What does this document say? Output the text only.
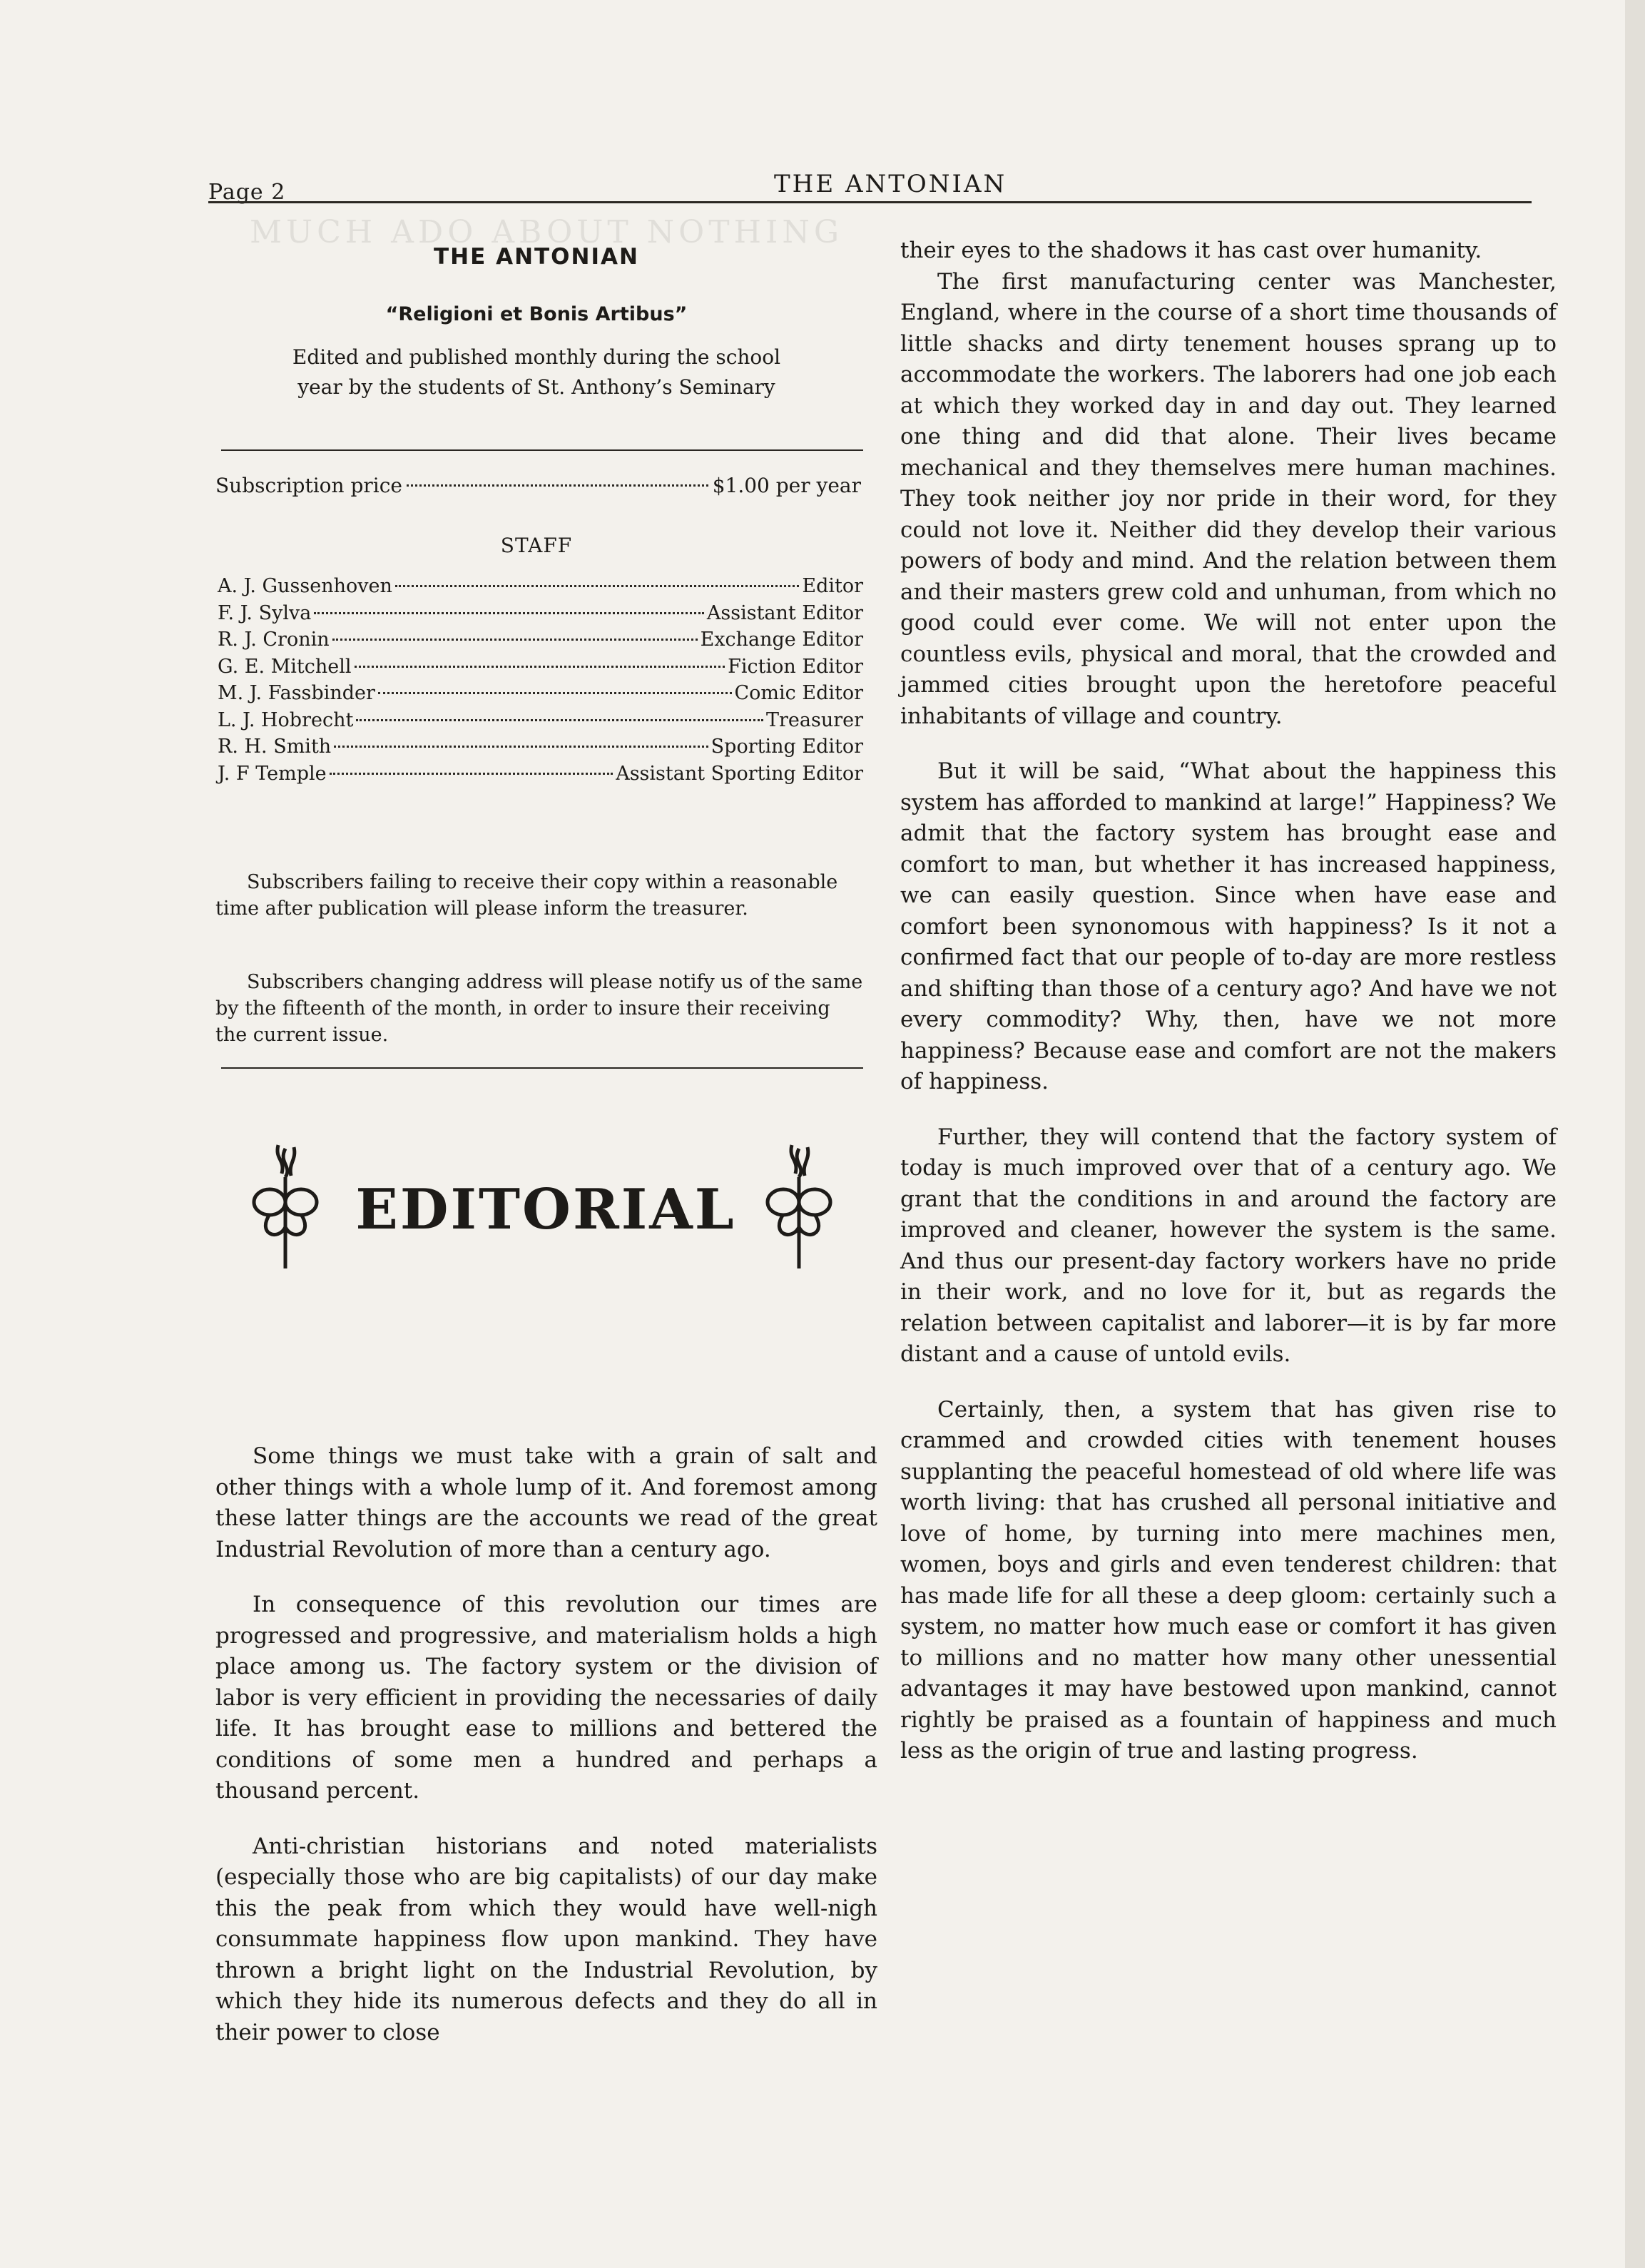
MUCH ADO ABOUT NOTHING
Page 2	THE ANTONIAN
THE ANTONIAN
“Religioni et Bonis Artibus”
Edited and published monthly during the school
year by the students of St. Anthony’s Seminary
Subscription price	$1.00 per year
STAFF
A. J. Gussenhoven	Editor
F. J. Sylva	Assistant Editor
R. J. Cronin	Exchange Editor
G. E. Mitchell	Fiction Editor
M. J. Fassbinder	Comic Editor
L. J. Hobrecht	Treasurer
R. H. Smith	Sporting Editor
J. F Temple	Assistant Sporting Editor
Subscribers failing to receive their copy within a reasonable time after publication will please inform the treasurer.
Subscribers changing address will please notify us of the same by the fifteenth of the month, in order to insure their receiving the current issue.
EDITORIAL

Some things we must take with a grain of salt and other things with a whole lump of it. And foremost among these latter things are the accounts we read of the great Industrial Revolution of more than a century ago.

In consequence of this revolution our times are progressed and progressive, and materialism holds a high place among us. The factory system or the division of labor is very efficient in providing the necessaries of daily life. It has brought ease to millions and bettered the conditions of some men a hundred and perhaps a thousand percent.

Anti-christian historians and noted materialists (especially those who are big capitalists) of our day make this the peak from which they would have well-nigh consummate happiness flow upon mankind. They have thrown a bright light on the Industrial Revolution, by which they hide its numerous defects and they do all in their power to close

their eyes to the shadows it has cast over humanity.

The first manufacturing center was Manchester, England, where in the course of a short time thousands of little shacks and dirty tenement houses sprang up to accommodate the workers. The laborers had one job each at which they worked day in and day out. They learned one thing and did that alone. Their lives became mechanical and they themselves mere human machines. They took neither joy nor pride in their word, for they could not love it. Neither did they develop their various powers of body and mind. And the relation between them and their masters grew cold and unhuman, from which no good could ever come. We will not enter upon the countless evils, physical and moral, that the crowded and jammed cities brought upon the heretofore peaceful inhabitants of village and country.

But it will be said, “What about the happiness this system has afforded to mankind at large!” Happiness? We admit that the factory system has brought ease and comfort to man, but whether it has increased happiness, we can easily question. Since when have ease and comfort been synonomous with happiness? Is it not a confirmed fact that our people of to-day are more restless and shifting than those of a century ago? And have we not every commodity? Why, then, have we not more happiness? Because ease and comfort are not the makers of happiness.

Further, they will contend that the factory system of today is much improved over that of a century ago. We grant that the conditions in and around the factory are improved and cleaner, however the system is the same. And thus our present-day factory workers have no pride in their work, and no love for it, but as regards the relation between capitalist and laborer—it is by far more distant and a cause of untold evils.

Certainly, then, a system that has given rise to crammed and crowded cities with tenement houses supplanting the peaceful homestead of old where life was worth living: that has crushed all personal initiative and love of home, by turning into mere machines men, women, boys and girls and even tenderest children: that has made life for all these a deep gloom: certainly such a system, no matter how much ease or comfort it has given to millions and no matter how many other unessential advantages it may have bestowed upon mankind, cannot rightly be praised as a fountain of happiness and much less as the origin of true and lasting progress.
